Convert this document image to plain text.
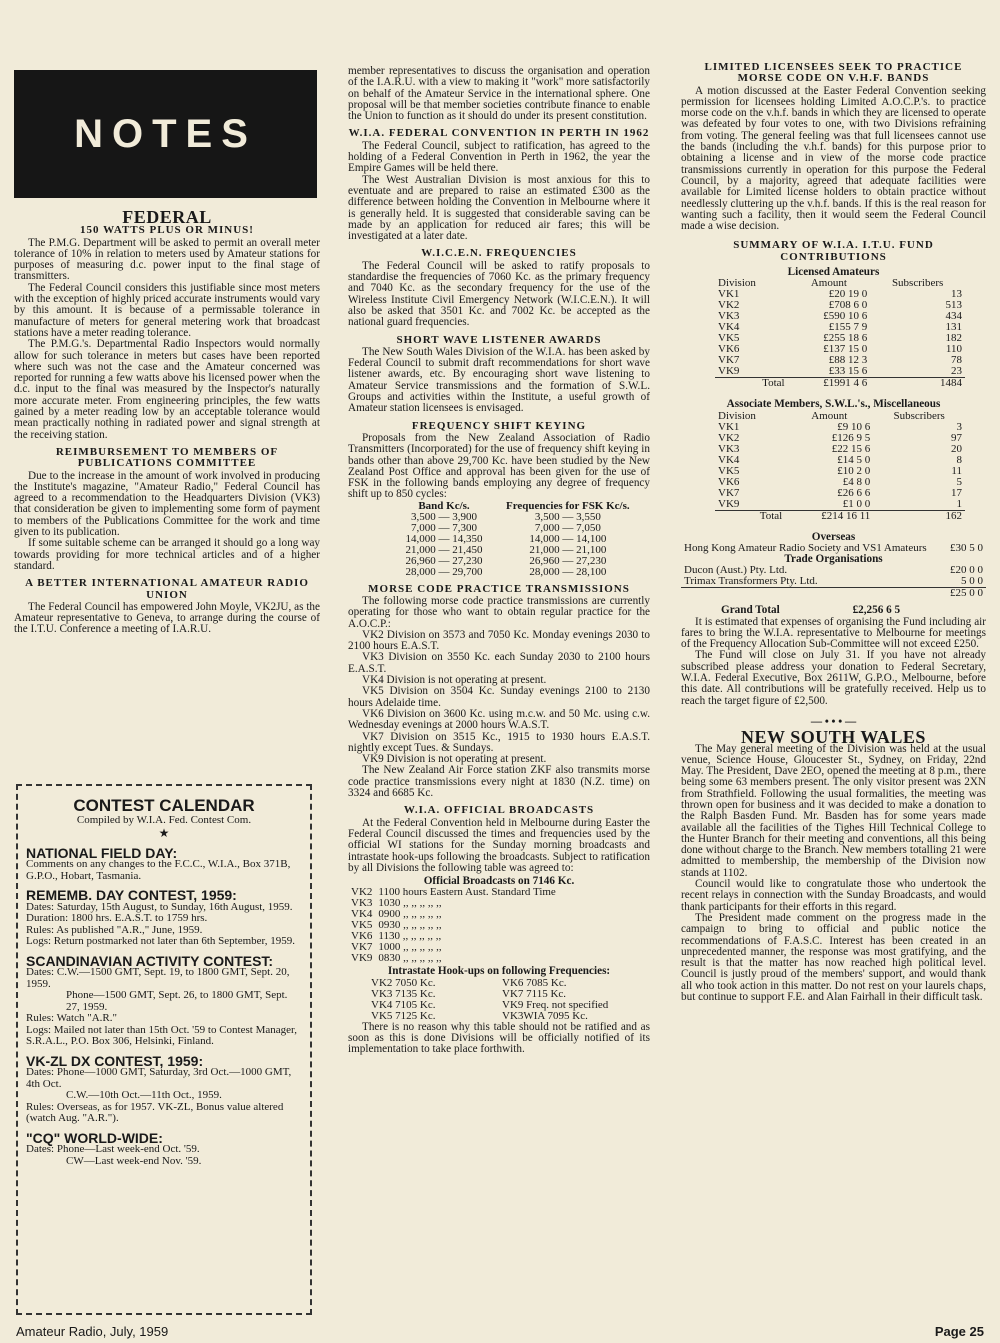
NOTES
FEDERAL
150 WATTS PLUS OR MINUS!

The P.M.G. Department will be asked to permit an overall meter tolerance of 10% in relation to meters used by Amateur stations for purposes of measuring d.c. power input to the final stage of transmitters.

The Federal Council considers this justifiable since most meters with the exception of highly priced accurate instruments would vary by this amount. It is because of a permissable tolerance in manufacture of meters for general metering work that broadcast stations have a meter reading tolerance.

The P.M.G.'s. Departmental Radio Inspectors would normally allow for such tolerance in meters but cases have been reported where such was not the case and the Amateur concerned was reported for running a few watts above his licensed power when the d.c. input to the final was measured by the Inspector's naturally more accurate meter. From engineering principles, the few watts gained by a meter reading low by an acceptable tolerance would mean practically nothing in radiated power and signal strength at the receiving station.

REIMBURSEMENT TO MEMBERS OF PUBLICATIONS COMMITTEE

Due to the increase in the amount of work involved in producing the Institute's magazine, "Amateur Radio," Federal Council has agreed to a recommendation to the Headquarters Division (VK3) that consideration be given to implementing some form of payment to members of the Publications Committee for the work and time given to its publication.

If some suitable scheme can be arranged it should go a long way towards providing for more technical articles and of a higher standard.

A BETTER INTERNATIONAL AMATEUR RADIO UNION

The Federal Council has empowered John Moyle, VK2JU, as the Amateur representative to Geneva, to arrange during the course of the I.T.U. Conference a meeting of I.A.R.U.

CONTEST CALENDAR
Compiled by W.I.A. Fed. Contest Com.
★
NATIONAL FIELD DAY:
Comments on any changes to the F.C.C., W.I.A., Box 371B, G.P.O., Hobart, Tasmania.
REMEMB. DAY CONTEST, 1959:
Dates: Saturday, 15th August, to Sunday, 16th August, 1959.
Duration: 1800 hrs. E.A.S.T. to 1759 hrs.
Rules: As published "A.R.," June, 1959.
Logs: Return postmarked not later than 6th September, 1959.
SCANDINAVIAN ACTIVITY CONTEST:
Dates: C.W.—1500 GMT, Sept. 19, to 1800 GMT, Sept. 20, 1959.
Phone—1500 GMT, Sept. 26, to 1800 GMT, Sept. 27, 1959.
Rules: Watch "A.R."
Logs: Mailed not later than 15th Oct. '59 to Contest Manager, S.R.A.L., P.O. Box 306, Helsinki, Finland.
VK-ZL DX CONTEST, 1959:
Dates: Phone—1000 GMT, Saturday, 3rd Oct.—1000 GMT, 4th Oct.
C.W.—10th Oct.—11th Oct., 1959.
Rules: Overseas, as for 1957. VK-ZL, Bonus value altered (watch Aug. "A.R.").
"CQ" WORLD-WIDE:
Dates: Phone—Last week-end Oct. '59.
CW—Last week-end Nov. '59.

member representatives to discuss the organisation and operation of the I.A.R.U. with a view to making it "work" more satisfactorily on behalf of the Amateur Service in the international sphere. One proposal will be that member societies contribute finance to enable the Union to function as it should do under its present constitution.

W.I.A. FEDERAL CONVENTION IN PERTH IN 1962

The Federal Council, subject to ratification, has agreed to the holding of a Federal Convention in Perth in 1962, the year the Empire Games will be held there.

The West Australian Division is most anxious for this to eventuate and are prepared to raise an estimated £300 as the difference between holding the Convention in Melbourne where it is generally held. It is suggested that considerable saving can be made by an application for reduced air fares; this will be investigated at a later date.

W.I.C.E.N. FREQUENCIES

The Federal Council will be asked to ratify proposals to standardise the frequencies of 7060 Kc. as the primary frequency and 7040 Kc. as the secondary frequency for the use of the Wireless Institute Civil Emergency Network (W.I.C.E.N.). It will also be asked that 3501 Kc. and 7002 Kc. be accepted as the national guard frequencies.

SHORT WAVE LISTENER AWARDS

The New South Wales Division of the W.I.A. has been asked by Federal Council to submit draft recommendations for short wave listener awards, etc. By encouraging short wave listening to Amateur Service transmissions and the formation of S.W.L. Groups and activities within the Institute, a useful growth of Amateur station licensees is envisaged.

FREQUENCY SHIFT KEYING

Proposals from the New Zealand Association of Radio Transmitters (Incorporated) for the use of frequency shift keying in bands other than above 29,700 Kc. have been studied by the New Zealand Post Office and approval has been given for the use of FSK in the following bands employing any degree of frequency shift up to 850 cycles:

Band Kc/s.	Frequencies for FSK Kc/s.
3,500 — 3,900	3,500 — 3,550
7,000 — 7,300	7,000 — 7,050
14,000 — 14,350	14,000 — 14,100
21,000 — 21,450	21,000 — 21,100
26,960 — 27,230	26,960 — 27,230
28,000 — 29,700	28,000 — 28,100
MORSE CODE PRACTICE TRANSMISSIONS

The following morse code practice transmissions are currently operating for those who want to obtain regular practice for the A.O.C.P.:

VK2 Division on 3573 and 7050 Kc. Monday evenings 2030 to 2100 hours E.A.S.T.

VK3 Division on 3550 Kc. each Sunday 2030 to 2100 hours E.A.S.T.

VK4 Division is not operating at present.

VK5 Division on 3504 Kc. Sunday evenings 2100 to 2130 hours Adelaide time.

VK6 Division on 3600 Kc. using m.c.w. and 50 Mc. using c.w. Wednesday evenings at 2000 hours W.A.S.T.

VK7 Division on 3515 Kc., 1915 to 1930 hours E.A.S.T. nightly except Tues. & Sundays.

VK9 Division is not operating at present.

The New Zealand Air Force station ZKF also transmits morse code practice transmissions every night at 1830 (N.Z. time) on 3324 and 6685 Kc.

W.I.A. OFFICIAL BROADCASTS

At the Federal Convention held in Melbourne during Easter the Federal Council discussed the times and frequencies used by the official WI stations for the Sunday morning broadcasts and intrastate hook-ups following the broadcasts. Subject to ratification by all Divisions the following table was agreed to:

Official Broadcasts on 7146 Kc.
VK2	1100 hours Eastern Aust. Standard Time
VK3	1030 ,, ,, ,, ,, ,,
VK4	0900 ,, ,, ,, ,, ,,
VK5	0930 ,, ,, ,, ,, ,,
VK6	1130 ,, ,, ,, ,, ,,
VK7	1000 ,, ,, ,, ,, ,,
VK9	0830 ,, ,, ,, ,, ,,
Intrastate Hook-ups on following Frequencies:
VK2 7050 Kc.	VK6 7085 Kc.
VK3 7135 Kc.	VK7 7115 Kc.
VK4 7105 Kc.	VK9 Freq. not specified
VK5 7125 Kc.	VK3WIA 7095 Kc.

There is no reason why this table should not be ratified and as soon as this is done Divisions will be officially notified of its implementation to take place forthwith.

LIMITED LICENSEES SEEK TO PRACTICE MORSE CODE ON V.H.F. BANDS

A motion discussed at the Easter Federal Convention seeking permission for licensees holding Limited A.O.C.P.'s. to practice morse code on the v.h.f. bands in which they are licensed to operate was defeated by four votes to one, with two Divisions refraining from voting. The general feeling was that full licensees cannot use the bands (including the v.h.f. bands) for this purpose prior to obtaining a license and in view of the morse code practice transmissions currently in operation for this purpose the Federal Council, by a majority, agreed that adequate facilities were available for Limited license holders to obtain practice without needlessly cluttering up the v.h.f. bands. If this is the real reason for wanting such a facility, then it would seem the Federal Council made a wise decision.

SUMMARY OF W.I.A. I.T.U. FUND CONTRIBUTIONS
Licensed Amateurs
Division	Amount	Subscribers
VK1	£20 19 0	13
VK2	£708 6 0	513
VK3	£590 10 6	434
VK4	£155 7 9	131
VK5	£255 18 6	182
VK6	£137 15 0	110
VK7	£88 12 3	78
VK9	£33 15 6	23
Total	£1991 4 6	1484
Associate Members, S.W.L.'s., Miscellaneous
Division	Amount	Subscribers
VK1	£9 10 6	3
VK2	£126 9 5	97
VK3	£22 15 6	20
VK4	£14 5 0	8
VK5	£10 2 0	11
VK6	£4 8 0	5
VK7	£26 6 6	17
VK9	£1 0 0	1
Total	£214 16 11	162
Overseas
Hong Kong Amateur Radio Society and VS1 Amateurs	£30 5 0
Trade Organisations
Ducon (Aust.) Pty. Ltd.	£20 0 0
Trimax Transformers Pty. Ltd.	5 0 0
	£25 0 0
Grand Total	£2,256 6 5

It is estimated that expenses of organising the Fund including air fares to bring the W.I.A. representative to Melbourne for meetings of the Frequency Allocation Sub-Committee will not exceed £250.

The Fund will close on July 31. If you have not already subscribed please address your donation to Federal Secretary, W.I.A. Federal Executive, Box 2611W, G.P.O., Melbourne, before this date. All contributions will be gratefully received. Help us to reach the target figure of £2,500.

— • • • —
NEW SOUTH WALES

The May general meeting of the Division was held at the usual venue, Science House, Gloucester St., Sydney, on Friday, 22nd May. The President, Dave 2EO, opened the meeting at 8 p.m., there being some 63 members present. The only visitor present was 2XN from Strathfield. Following the usual formalities, the meeting was thrown open for business and it was decided to make a donation to the Ralph Basden Fund. Mr. Basden has for some years made available all the facilities of the Tighes Hill Technical College to the Hunter Branch for their meeting and conventions, all this being done without charge to the Branch. New members totalling 21 were admitted to membership, the membership of the Division now stands at 1102.

Council would like to congratulate those who undertook the recent relays in connection with the Sunday Broadcasts, and would thank participants for their efforts in this regard.

The President made comment on the progress made in the campaign to bring to official and public notice the recommendations of F.A.S.C. Interest has been created in an unprecedented manner, the response was most gratifying, and the result is that the matter has now reached high political level. Council is justly proud of the members' support, and would thank all who took action in this matter. Do not rest on your laurels chaps, but continue to support F.E. and Alan Fairhall in their difficult task.

Amateur Radio, July, 1959	Page 25
